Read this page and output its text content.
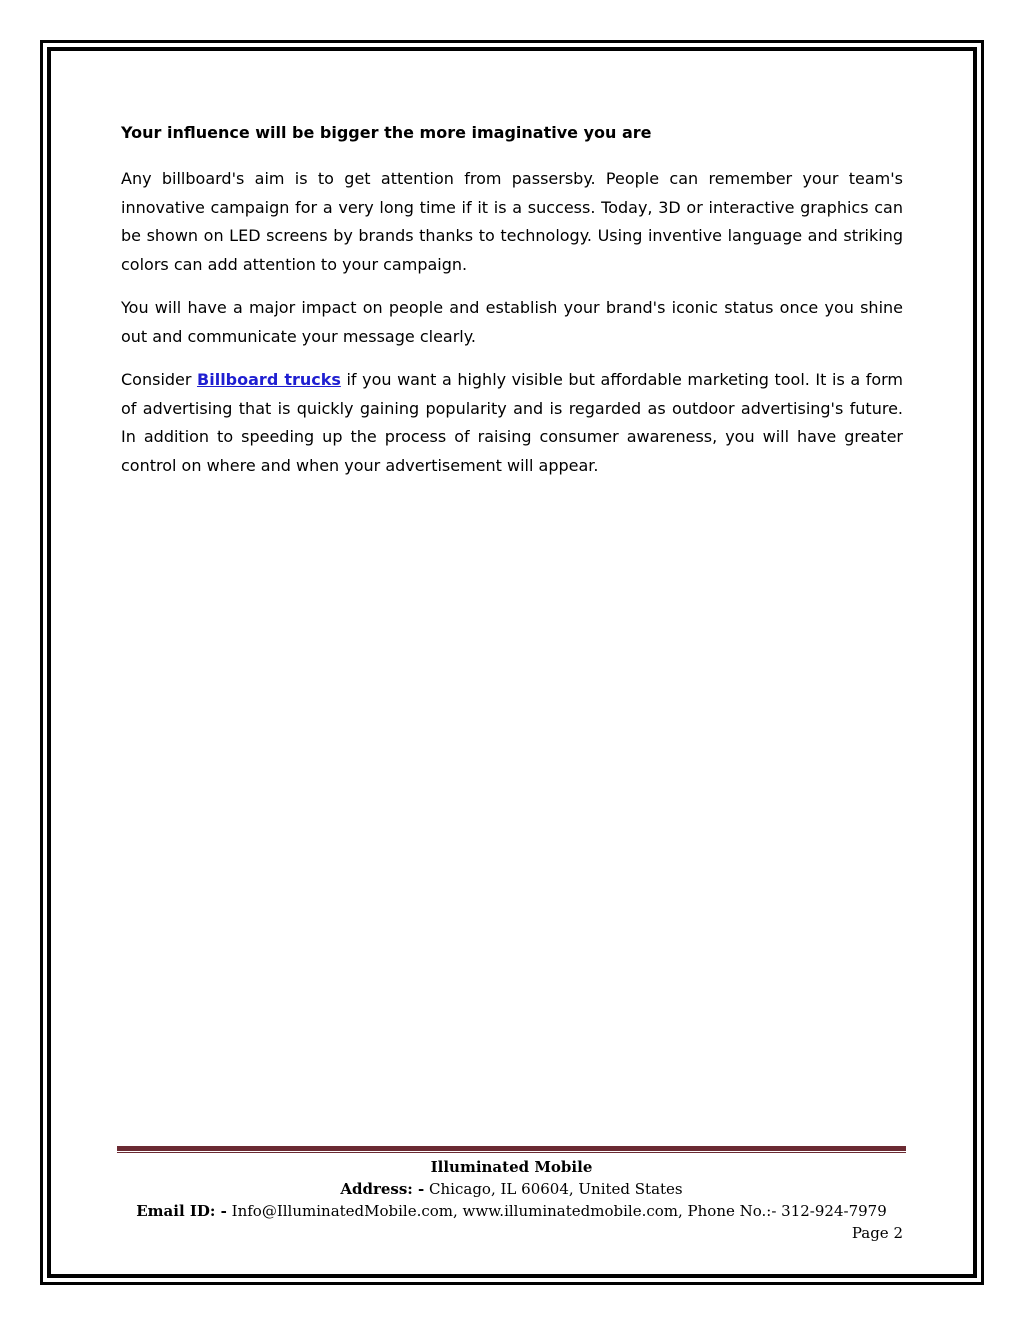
Your influence will be bigger the more imaginative you are

Any billboard's aim is to get attention from passersby. People can remember your team's innovative campaign for a very long time if it is a success. Today, 3D or interactive graphics can be shown on LED screens by brands thanks to technology. Using inventive language and striking colors can add attention to your campaign.

You will have a major impact on people and establish your brand's iconic status once you shine out and communicate your message clearly.

Consider Billboard trucks if you want a highly visible but affordable marketing tool. It is a form of advertising that is quickly gaining popularity and is regarded as outdoor advertising's future. In addition to speeding up the process of raising consumer awareness, you will have greater control on where and when your advertisement will appear.

Illuminated Mobile
Address: - Chicago, IL 60604, United States
Email ID: - Info@IlluminatedMobile.com, www.illuminatedmobile.com, Phone No.:- 312-924-7979
Page 2
